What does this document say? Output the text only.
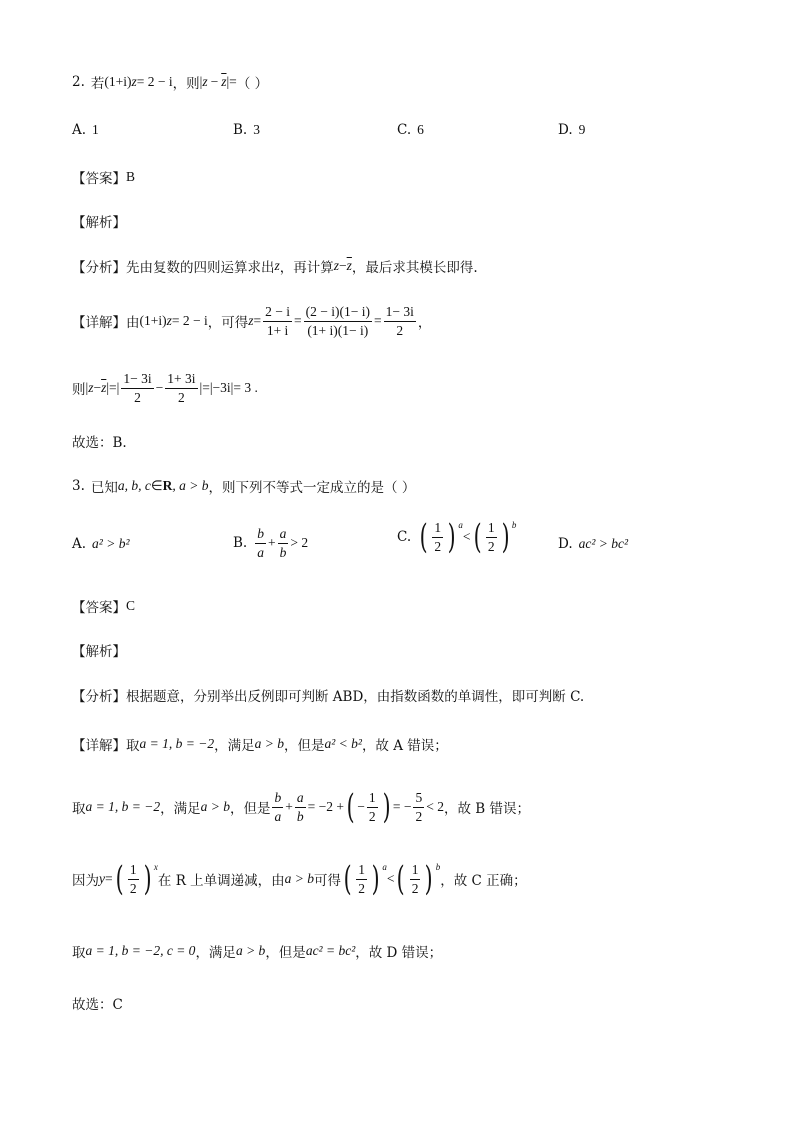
2. 若 (1+i) z = 2 − i ，则 | $z - \overline{z}$ |= （ ）
A. 1	B. 3	C. 6	D. 9
【答案】 B
【解析】
【分析】 先由复数的四则运算求出 z ，再计算 $z - \overline{z}$ ，最后求其模长即得.
【详解】 由 (1+i) z = 2 − i ，可得 $z = \frac{2 - i}{1+ i} = \frac{(2 - i)(1- i)}{(1+ i)(1- i)} = \frac{1- 3i}{2}$ ，
则 | $z - \overline{z}$ |=| $\frac{1- 3i}{2} - \frac{1+ 3i}{2} |=|-3i|= 3$ .
故选：B.
3. 已知 a, b, c ∈ R , a > b ，则下列不等式一定成立的是（ ）
A. a² > b²	B. $\frac{b}{a} + \frac{a}{b} > 2$	C. ( $\frac{1}{2}$ ) $^a$
< ( $\frac{1}{2}$ ) $^b$
D. ac² > bc²
【答案】 C
【解析】
【分析】 根据题意，分别举出反例即可判断 ABD，由指数函数的单调性，即可判断 C.
【详解】 取 a = 1, b = −2 ，满足 a > b ，但是 a² < b² ，故 A 错误；
取 a = 1, b = −2 ，满足 a > b ，但是 $\frac{b}{a} + \frac{a}{b} = -2$ + ( − $\frac{1}{2}$ ) = − $\frac{5}{2} < 2$ ，故 B 错误；
因为 y = ( $\frac{1}{2}$ ) $^x$
在 R 上单调递减，由 a > b 可得 ( $\frac{1}{2}$ ) $^a$
< ( $\frac{1}{2}$ ) $^b$
，故 C 正确；
取 a = 1, b = −2, c = 0 ，满足 a > b ，但是 ac² = bc² ，故 D 错误；
故选：C
